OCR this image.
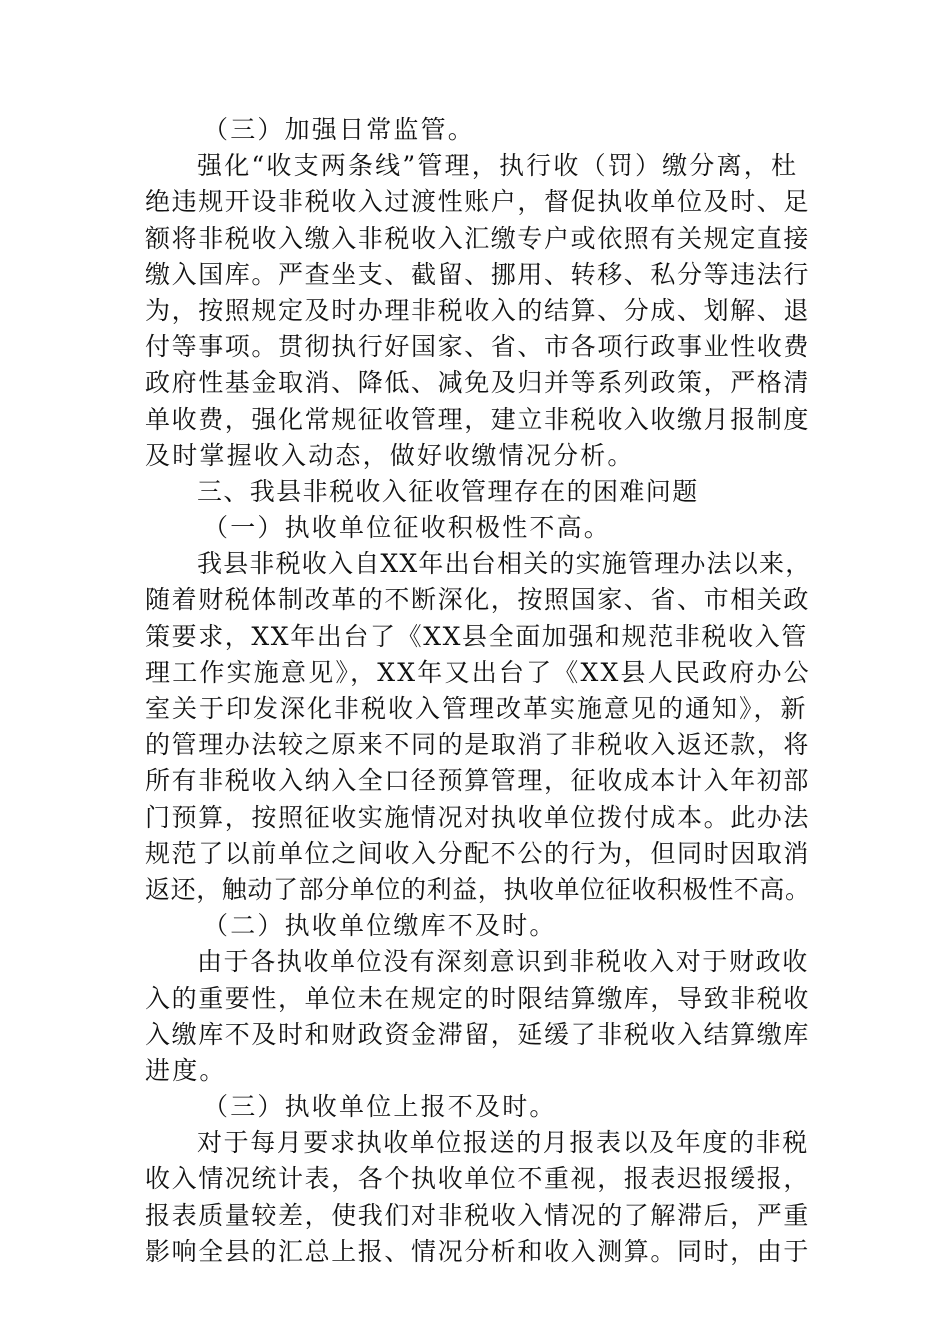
（三）加强日常监管。
强化“收支两条线”管理，执行收（罚）缴分离，杜
绝违规开设非税收入过渡性账户，督促执收单位及时、足
额将非税收入缴入非税收入汇缴专户或依照有关规定直接
缴入国库。严查坐支、截留、挪用、转移、私分等违法行
为，按照规定及时办理非税收入的结算、分成、划解、退
付等事项。贯彻执行好国家、省、市各项行政事业性收费
政府性基金取消、降低、减免及归并等系列政策，严格清
单收费，强化常规征收管理，建立非税收入收缴月报制度
及时掌握收入动态，做好收缴情况分析。
三、我县非税收入征收管理存在的困难问题
（一）执收单位征收积极性不高。
我县非税收入自XX年出台相关的实施管理办法以来，
随着财税体制改革的不断深化，按照国家、省、市相关政
策要求，XX年出台了《XX县全面加强和规范非税收入管
理工作实施意见》，XX年又出台了《XX县人民政府办公
室关于印发深化非税收入管理改革实施意见的通知》，新
的管理办法较之原来不同的是取消了非税收入返还款，将
所有非税收入纳入全口径预算管理，征收成本计入年初部
门预算，按照征收实施情况对执收单位拨付成本。此办法
规范了以前单位之间收入分配不公的行为，但同时因取消
返还，触动了部分单位的利益，执收单位征收积极性不高。
（二）执收单位缴库不及时。
由于各执收单位没有深刻意识到非税收入对于财政收
入的重要性，单位未在规定的时限结算缴库，导致非税收
入缴库不及时和财政资金滞留，延缓了非税收入结算缴库
进度。
（三）执收单位上报不及时。
对于每月要求执收单位报送的月报表以及年度的非税
收入情况统计表，各个执收单位不重视，报表迟报缓报，
报表质量较差，使我们对非税收入情况的了解滞后，严重
影响全县的汇总上报、情况分析和收入测算。同时，由于
